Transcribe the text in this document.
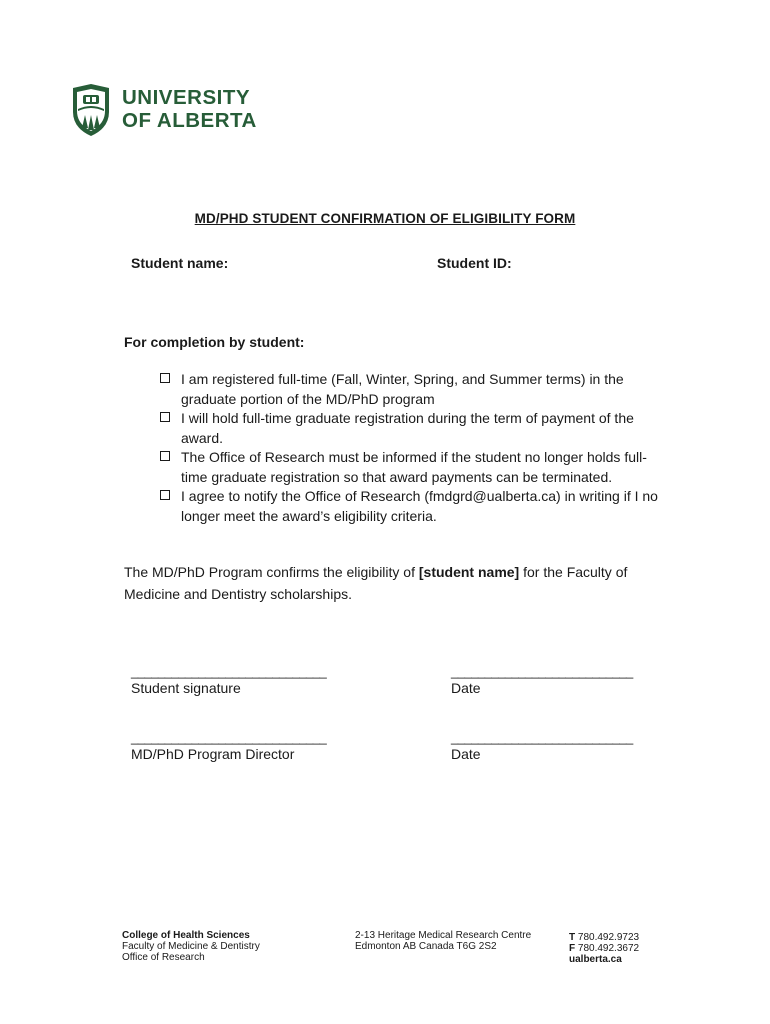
UNIVERSITY
OF ALBERTA
MD/PHD STUDENT CONFIRMATION OF ELIGIBILITY FORM
Student name:	Student ID:
For completion by student:
I am registered full-time (Fall, Winter, Spring, and Summer terms) in the graduate portion of the MD/PhD program
I will hold full-time graduate registration during the term of payment of the award.
The Office of Research must be informed if the student no longer holds full-time graduate registration so that award payments can be terminated.
I agree to notify the Office of Research (fmdgrd@ualberta.ca) in writing if I no longer meet the award’s eligibility criteria.
The MD/PhD Program confirms the eligibility of [student name] for the Faculty of Medicine and Dentistry scholarships.
_____________________________
Student signature
___________________________
Date
_____________________________
MD/PhD Program Director
___________________________
Date
College of Health Sciences
Faculty of Medicine & Dentistry
Office of Research
2-13 Heritage Medical Research Centre
Edmonton AB Canada T6G 2S2
T 780.492.9723
F 780.492.3672
ualberta.ca
